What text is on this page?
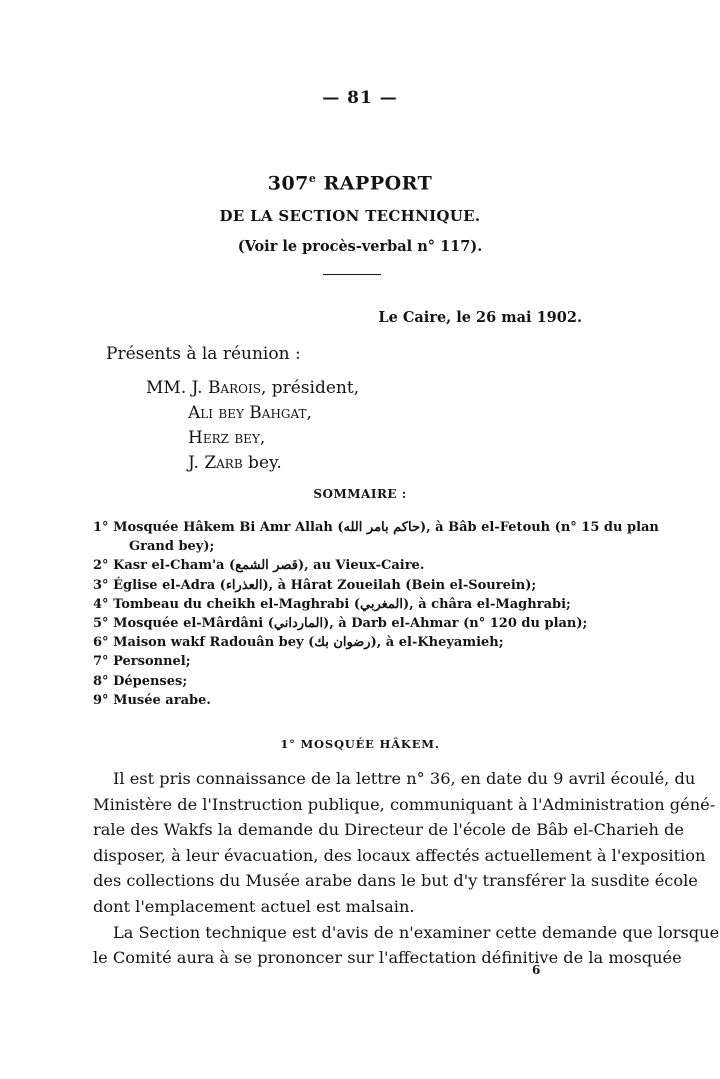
— 81 —
307e RAPPORT
DE LA SECTION TECHNIQUE.
(Voir le procès-verbal n° 117).
Le Caire, le 26 mai 1902.
Présents à la réunion :
MM. J. Barois, président,
Ali bey Bahgat,
Herz bey,
J. Zarb bey.
SOMMAIRE :
1° Mosquée Hâkem Bi Amr Allah (حاكم بامر الله), à Bâb el-Fetouh (n° 15 du plan
Grand bey);
2° Kasr el-Cham'a (قصر الشمع), au Vieux-Caire.
3° Église el-Adra (العذراء), à Hârat Zoueilah (Bein el-Sourein);
4° Tombeau du cheikh el-Maghrabi (المغربي), à châra el-Maghrabi;
5° Mosquée el-Mârdâni (المارداني), à Darb el-Ahmar (n° 120 du plan);
6° Maison wakf Radouân bey (رضوان بك), à el-Kheyamieh;
7° Personnel;
8° Dépenses;
9° Musée arabe.
1° MOSQUÉE HÂKEM.

Il est pris connaissance de la lettre n° 36, en date du 9 avril écoulé, du
Ministère de l'Instruction publique, communiquant à l'Administration géné-
rale des Wakfs la demande du Directeur de l'école de Bâb el-Charieh de
disposer, à leur évacuation, des locaux affectés actuellement à l'exposition
des collections du Musée arabe dans le but d'y transférer la susdite école
dont l'emplacement actuel est malsain.

La Section technique est d'avis de n'examiner cette demande que lorsque
le Comité aura à se prononcer sur l'affectation définitive de la mosquée

6
